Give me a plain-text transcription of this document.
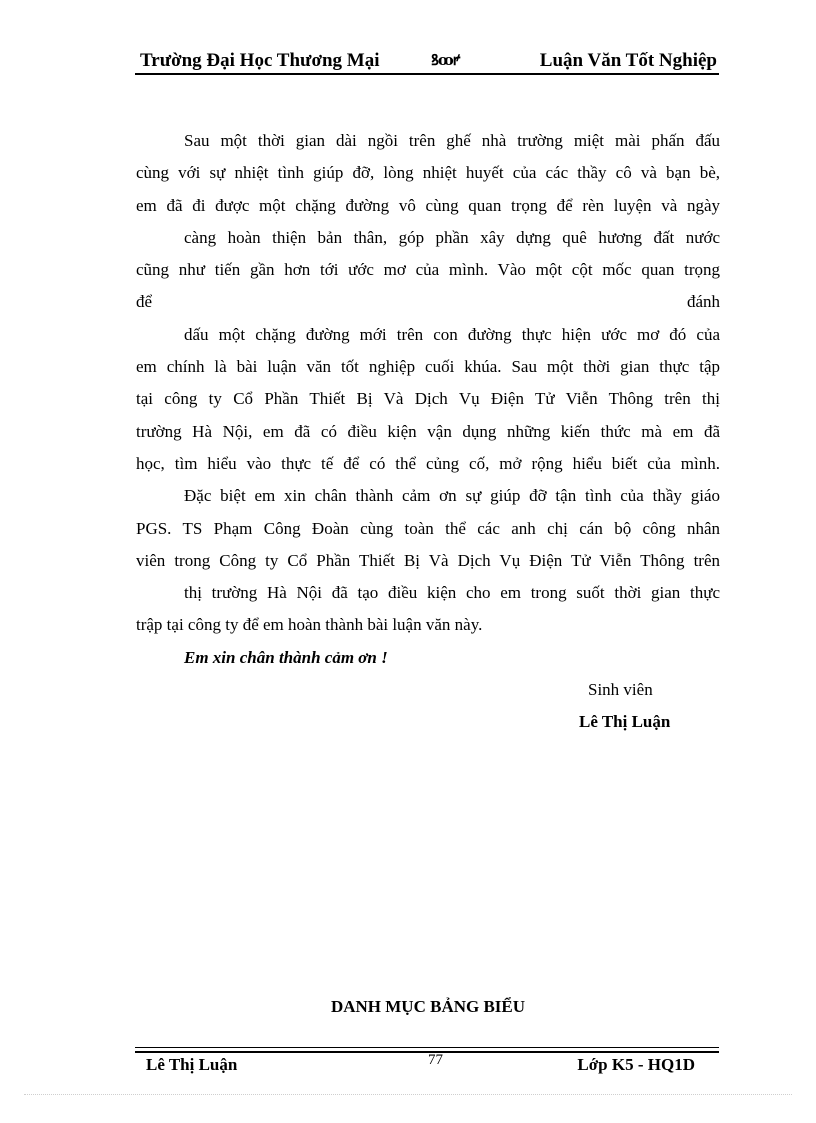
Trường Đại Học Thương Mại	ꝸꝏꝵ	Luận Văn Tốt Nghiệp
Sau một thời gian dài ngồi trên ghế nhà trường miệt mài phấn đấu
cùng với sự nhiệt tình giúp đỡ, lòng nhiệt huyết của các thầy cô và bạn bè,
em đã đi được một chặng đường vô cùng quan trọng để rèn luyện và ngày
càng hoàn thiện bản thân, góp phần xây dựng quê hương đất nước
cũng như tiến gần hơn tới ước mơ của mình. Vào một cột mốc quan trọng
để	đánh
dấu một chặng đường mới trên con đường thực hiện ước mơ đó của
em chính là bài luận văn tốt nghiệp cuối khúa. Sau một thời gian thực tập
tại công ty Cổ Phần Thiết Bị Và Dịch Vụ Điện Tử Viễn Thông trên thị
trường Hà Nội, em đã có điều kiện vận dụng những kiến thức mà em đã
học, tìm hiểu vào thực tế để có thể củng cố, mở rộng hiểu biết của mình.
Đặc biệt em xin chân thành cảm ơn sự giúp đỡ tận tình của thầy giáo
PGS. TS Phạm Công Đoàn cùng toàn thể các anh chị cán bộ công nhân
viên trong Công ty Cổ Phần Thiết Bị Và Dịch Vụ Điện Tử Viễn Thông trên
thị trường Hà Nội đã tạo điều kiện cho em trong suốt thời gian thực
trập tại công ty để em hoàn thành bài luận văn này.
Em xin chân thành cảm ơn !
Sinh viên
Lê Thị Luận
DANH MỤC BẢNG BIỂU
Lê Thị Luận	77	Lớp K5 - HQ1D
